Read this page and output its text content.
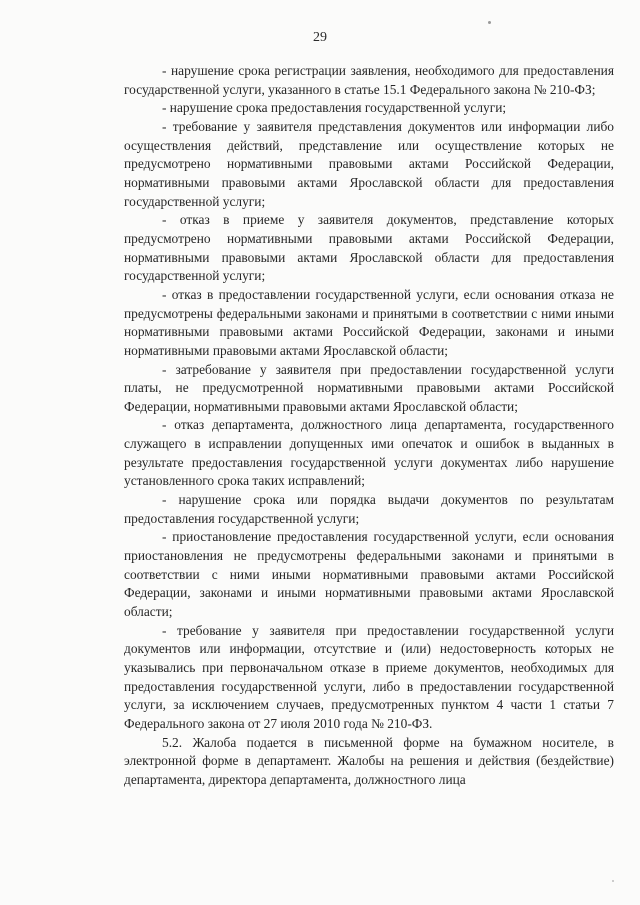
29

- нарушение срока регистрации заявления, необходимого для предоставления государственной услуги, указанного в статье 15.1 Федерального закона № 210-ФЗ;

- нарушение срока предоставления государственной услуги;

- требование у заявителя представления документов или информации либо осуществления действий, представление или осуществление которых не предусмотрено нормативными правовыми актами Российской Федерации, нормативными правовыми актами Ярославской области для предоставления государственной услуги;

- отказ в приеме у заявителя документов, представление которых предусмотрено нормативными правовыми актами Российской Федерации, нормативными правовыми актами Ярославской области для предоставления государственной услуги;

- отказ в предоставлении государственной услуги, если основания отказа не предусмотрены федеральными законами и принятыми в соответствии с ними иными нормативными правовыми актами Российской Федерации, законами и иными нормативными правовыми актами Ярославской области;

- затребование у заявителя при предоставлении государственной услуги платы, не предусмотренной нормативными правовыми актами Российской Федерации, нормативными правовыми актами Ярославской области;

- отказ департамента, должностного лица департамента, государственного служащего в исправлении допущенных ими опечаток и ошибок в выданных в результате предоставления государственной услуги документах либо нарушение установленного срока таких исправлений;

- нарушение срока или порядка выдачи документов по результатам предоставления государственной услуги;

- приостановление предоставления государственной услуги, если основания приостановления не предусмотрены федеральными законами и принятыми в соответствии с ними иными нормативными правовыми актами Российской Федерации, законами и иными нормативными правовыми актами Ярославской области;

- требование у заявителя при предоставлении государственной услуги документов или информации, отсутствие и (или) недостоверность которых не указывались при первоначальном отказе в приеме документов, необходимых для предоставления государственной услуги, либо в предоставлении государственной услуги, за исключением случаев, предусмотренных пунктом 4 части 1 статьи 7 Федерального закона от 27 июля 2010 года № 210-ФЗ.

5.2. Жалоба подается в письменной форме на бумажном носителе, в электронной форме в департамент. Жалобы на решения и действия (бездействие) департамента, директора департамента, должностного лица
